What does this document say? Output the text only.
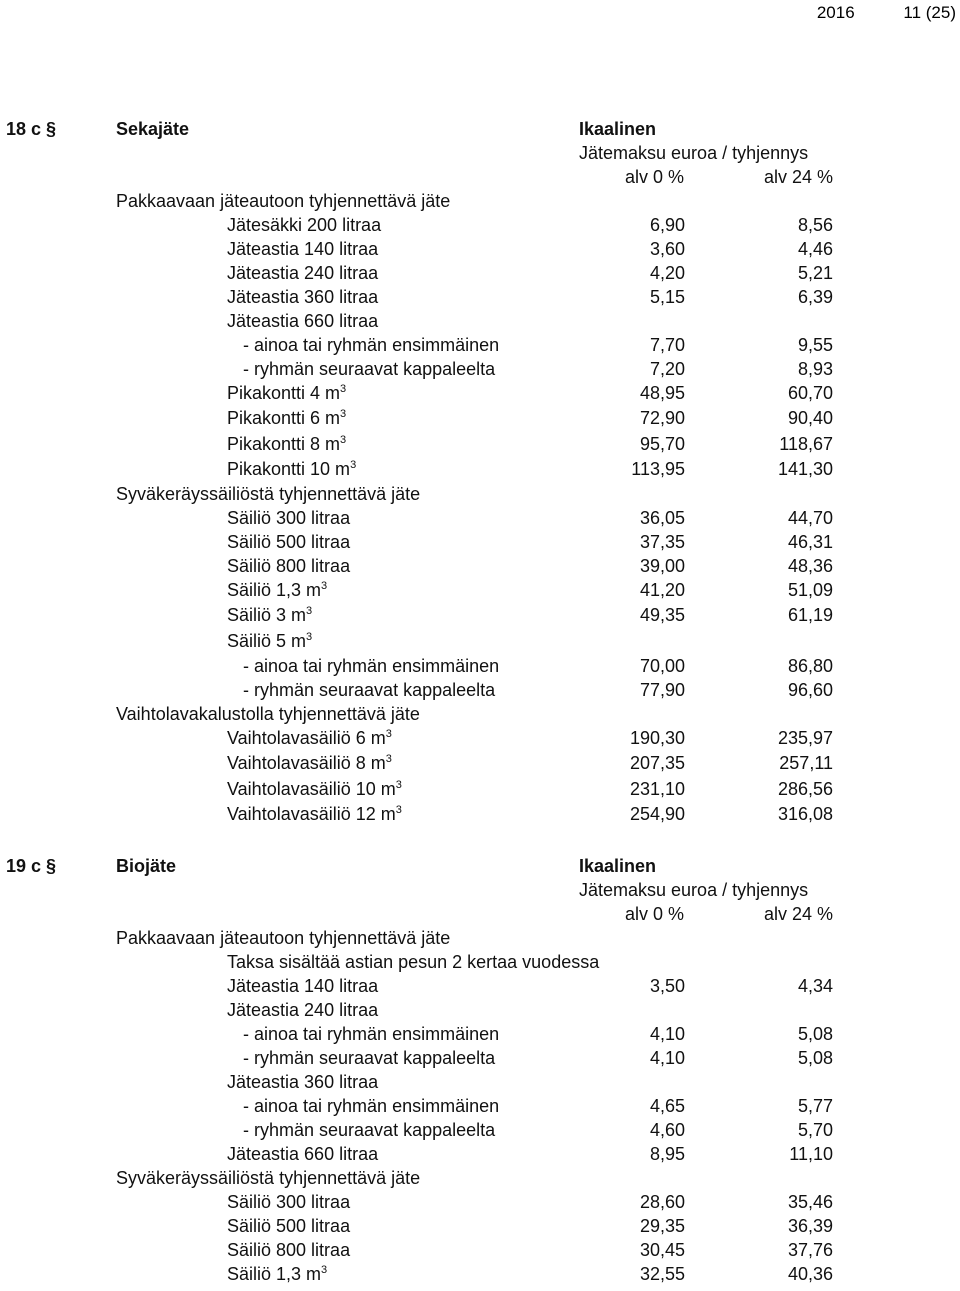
2016	11 (25)
18 c §	Sekajäte	Ikaalinen
Jätemaksu euroa / tyhjennys
alv 0 %	alv 24 %
Pakkaavaan jäteautoon tyhjennettävä jäte
Jätesäkki 200 litraa	6,90	8,56
Jäteastia 140 litraa	3,60	4,46
Jäteastia 240 litraa	4,20	5,21
Jäteastia 360 litraa	5,15	6,39
Jäteastia 660 litraa
- ainoa tai ryhmän ensimmäinen	7,70	9,55
- ryhmän seuraavat kappaleelta	7,20	8,93
Pikakontti 4 $m^3$	48,95	60,70
Pikakontti 6 $m^3$	72,90	90,40
Pikakontti 8 $m^3$	95,70	118,67
Pikakontti 10 $m^3$	113,95	141,30
Syväkeräyssäiliöstä tyhjennettävä jäte
Säiliö 300 litraa	36,05	44,70
Säiliö 500 litraa	37,35	46,31
Säiliö 800 litraa	39,00	48,36
Säiliö 1,3 $m^3$	41,20	51,09
Säiliö 3 $m^3$	49,35	61,19
Säiliö 5 $m^3$
- ainoa tai ryhmän ensimmäinen	70,00	86,80
- ryhmän seuraavat kappaleelta	77,90	96,60
Vaihtolavakalustolla tyhjennettävä jäte
Vaihtolavasäiliö 6 $m^3$	190,30	235,97
Vaihtolavasäiliö 8 $m^3$	207,35	257,11
Vaihtolavasäiliö 10 $m^3$	231,10	286,56
Vaihtolavasäiliö 12 $m^3$	254,90	316,08
19 c §	Biojäte	Ikaalinen
Jätemaksu euroa / tyhjennys
alv 0 %	alv 24 %
Pakkaavaan jäteautoon tyhjennettävä jäte
Taksa sisältää astian pesun 2 kertaa vuodessa
Jäteastia 140 litraa	3,50	4,34
Jäteastia 240 litraa
- ainoa tai ryhmän ensimmäinen	4,10	5,08
- ryhmän seuraavat kappaleelta	4,10	5,08
Jäteastia 360 litraa
- ainoa tai ryhmän ensimmäinen	4,65	5,77
- ryhmän seuraavat kappaleelta	4,60	5,70
Jäteastia 660 litraa	8,95	11,10
Syväkeräyssäiliöstä tyhjennettävä jäte
Säiliö 300 litraa	28,60	35,46
Säiliö 500 litraa	29,35	36,39
Säiliö 800 litraa	30,45	37,76
Säiliö 1,3 $m^3$	32,55	40,36
